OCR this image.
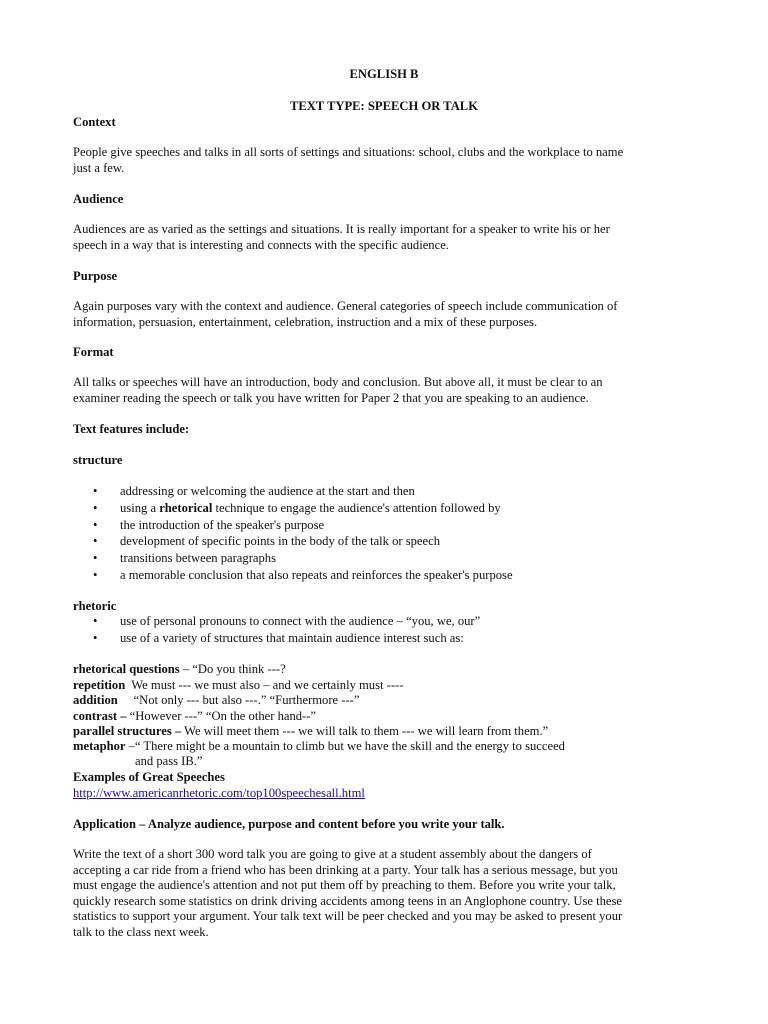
ENGLISH B
TEXT TYPE: SPEECH OR TALK
Context
People give speeches and talks in all sorts of settings and situations: school, clubs and the workplace to name
just a few.
Audience
Audiences are as varied as the settings and situations. It is really important for a speaker to write his or her
speech in a way that is interesting and connects with the specific audience.
Purpose
Again purposes vary with the context and audience. General categories of speech include communication of
information, persuasion, entertainment, celebration, instruction and a mix of these purposes.
Format
All talks or speeches will have an introduction, body and conclusion. But above all, it must be clear to an
examiner reading the speech or talk you have written for Paper 2 that you are speaking to an audience.
Text features include:
structure
• addressing or welcoming the audience at the start and then
• using a rhetorical technique to engage the audience's attention followed by
• the introduction of the speaker's purpose
• development of specific points in the body of the talk or speech
• transitions between paragraphs
• a memorable conclusion that also repeats and reinforces the speaker's purpose
rhetoric
• use of personal pronouns to connect with the audience – “you, we, our”
• use of a variety of structures that maintain audience interest such as:
rhetorical questions – “Do you think ---?
repetition  We must --- we must also – and we certainly must ----
addition     “Not only --- but also ---.” “Furthermore ---”
contrast – “However ---” “On the other hand--”
parallel structures – We will meet them --- we will talk to them --- we will learn from them.”
metaphor –“ There might be a mountain to climb but we have the skill and the energy to succeed
and pass IB.”
Examples of Great Speeches
http://www.americanrhetoric.com/top100speechesall.html
Application – Analyze audience, purpose and content before you write your talk.
Write the text of a short 300 word talk you are going to give at a student assembly about the dangers of
accepting a car ride from a friend who has been drinking at a party. Your talk has a serious message, but you
must engage the audience's attention and not put them off by preaching to them. Before you write your talk,
quickly research some statistics on drink driving accidents among teens in an Anglophone country. Use these
statistics to support your argument. Your talk text will be peer checked and you may be asked to present your
talk to the class next week.
